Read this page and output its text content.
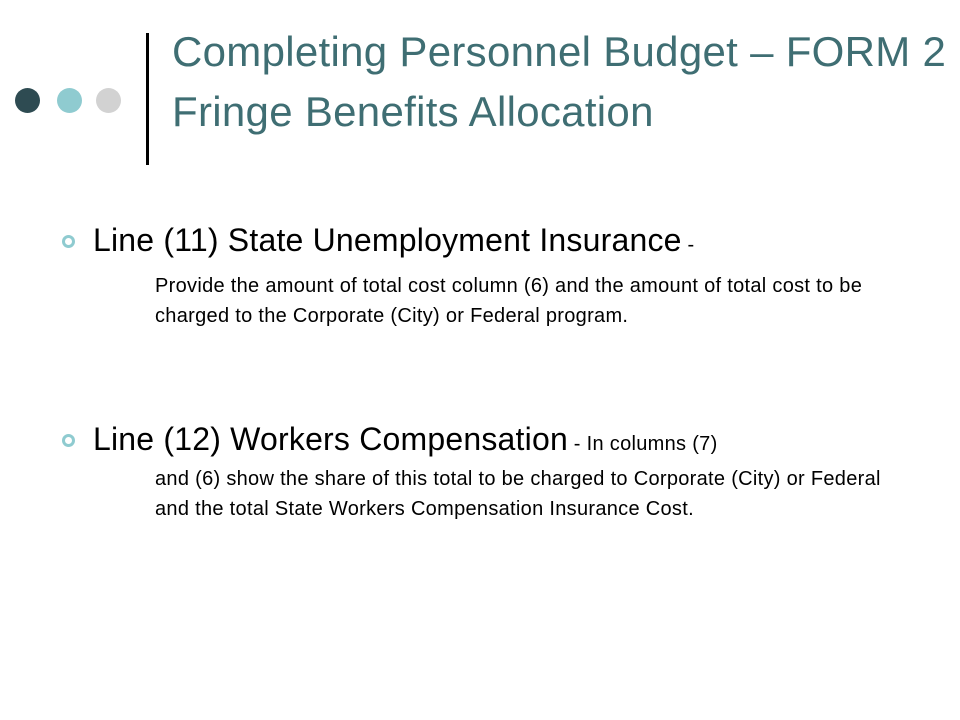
Completing Personnel Budget – FORM 2 Fringe Benefits Allocation

Line (11) State Unemployment Insurance -

Provide the amount of total cost column (6) and the amount of total cost to be charged to the Corporate (City) or Federal program.

Line (12) Workers Compensation - In columns (7)

and (6) show the share of this total to be charged to Corporate (City) or Federal and the total State Workers Compensation Insurance Cost.
